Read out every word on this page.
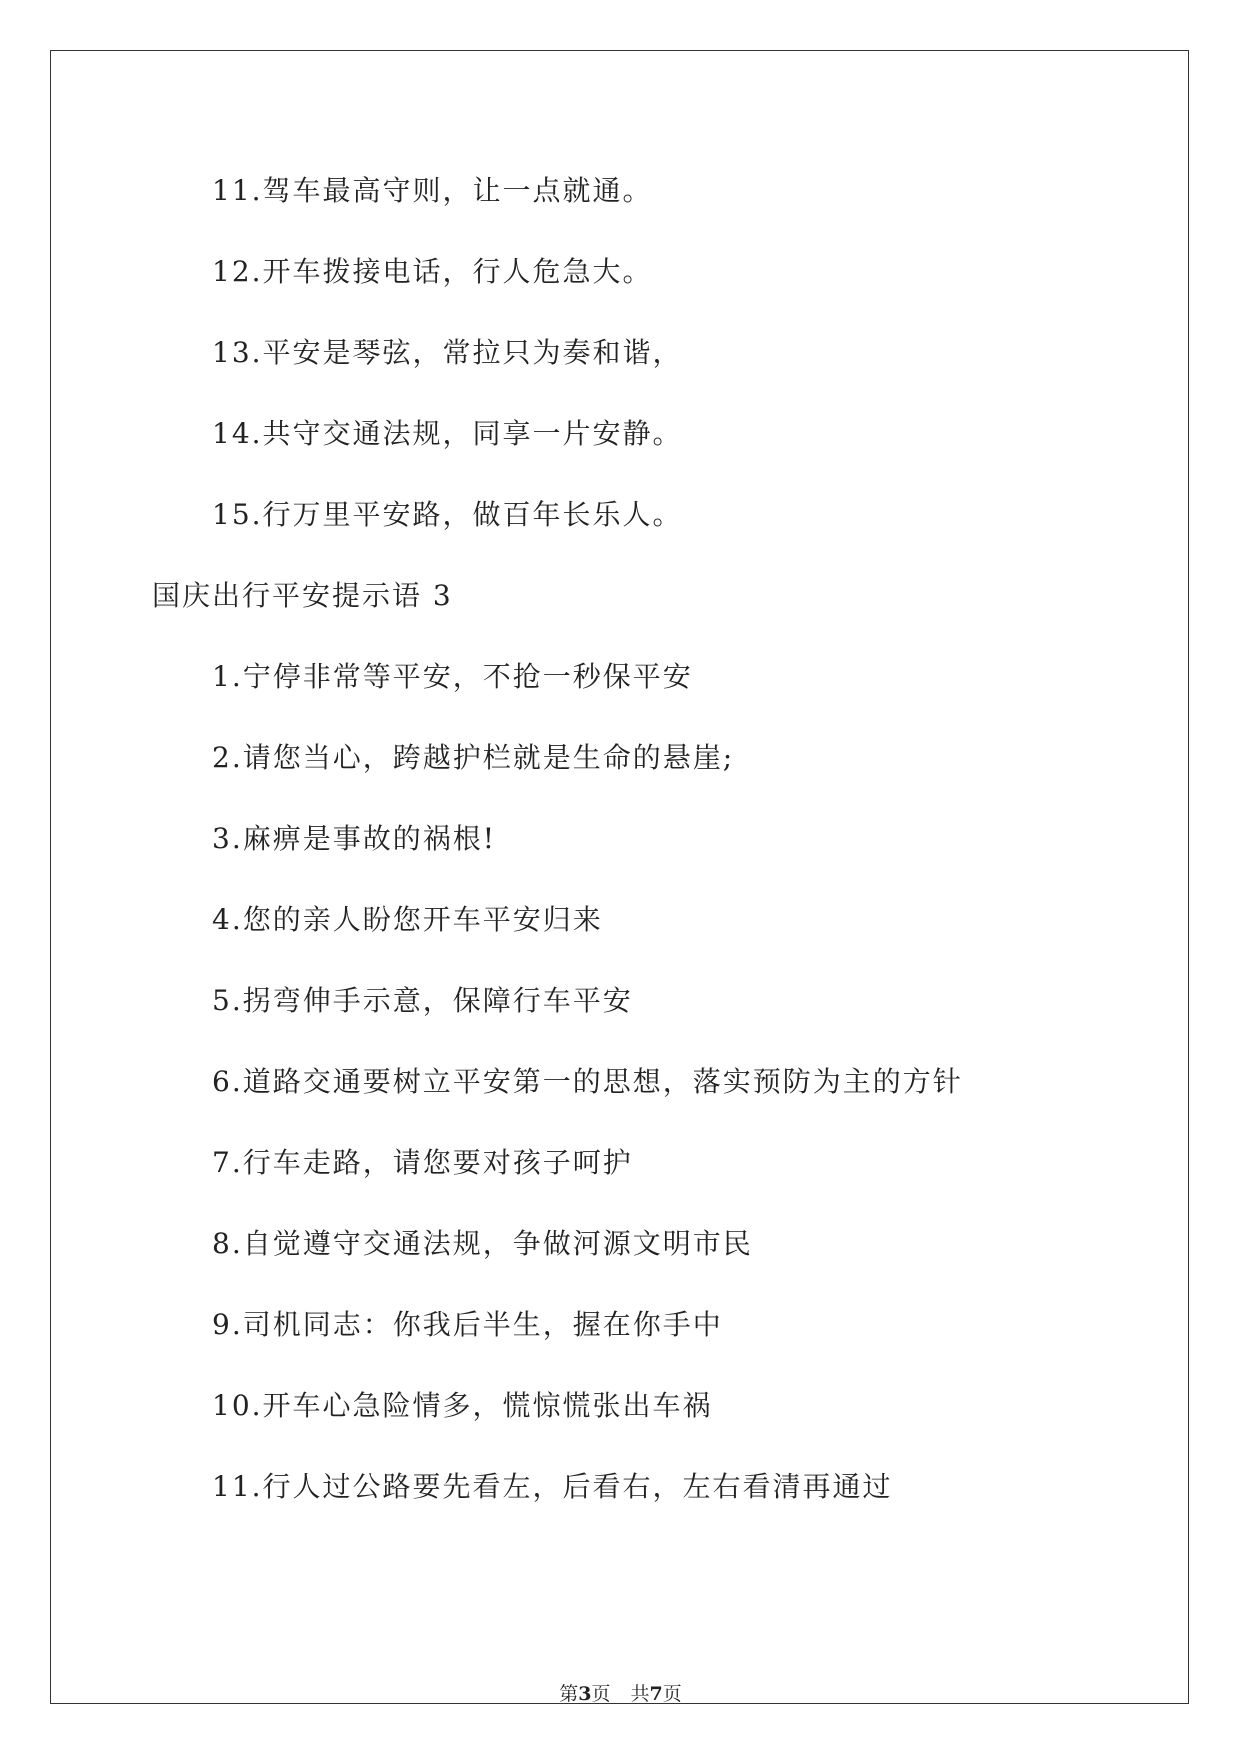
11.驾车最高守则，让一点就通。
12.开车拨接电话，行人危急大。
13.平安是琴弦，常拉只为奏和谐，
14.共守交通法规，同享一片安静。
15.行万里平安路，做百年长乐人。
国庆出行平安提示语 3
1.宁停非常等平安，不抢一秒保平安
2.请您当心，跨越护栏就是生命的悬崖;
3.麻痹是事故的祸根!
4.您的亲人盼您开车平安归来
5.拐弯伸手示意，保障行车平安
6.道路交通要树立平安第一的思想，落实预防为主的方针
7.行车走路，请您要对孩子呵护
8.自觉遵守交通法规，争做河源文明市民
9.司机同志：你我后半生，握在你手中
10.开车心急险情多，慌惊慌张出车祸
11.行人过公路要先看左，后看右，左右看清再通过
第3页 共7页
